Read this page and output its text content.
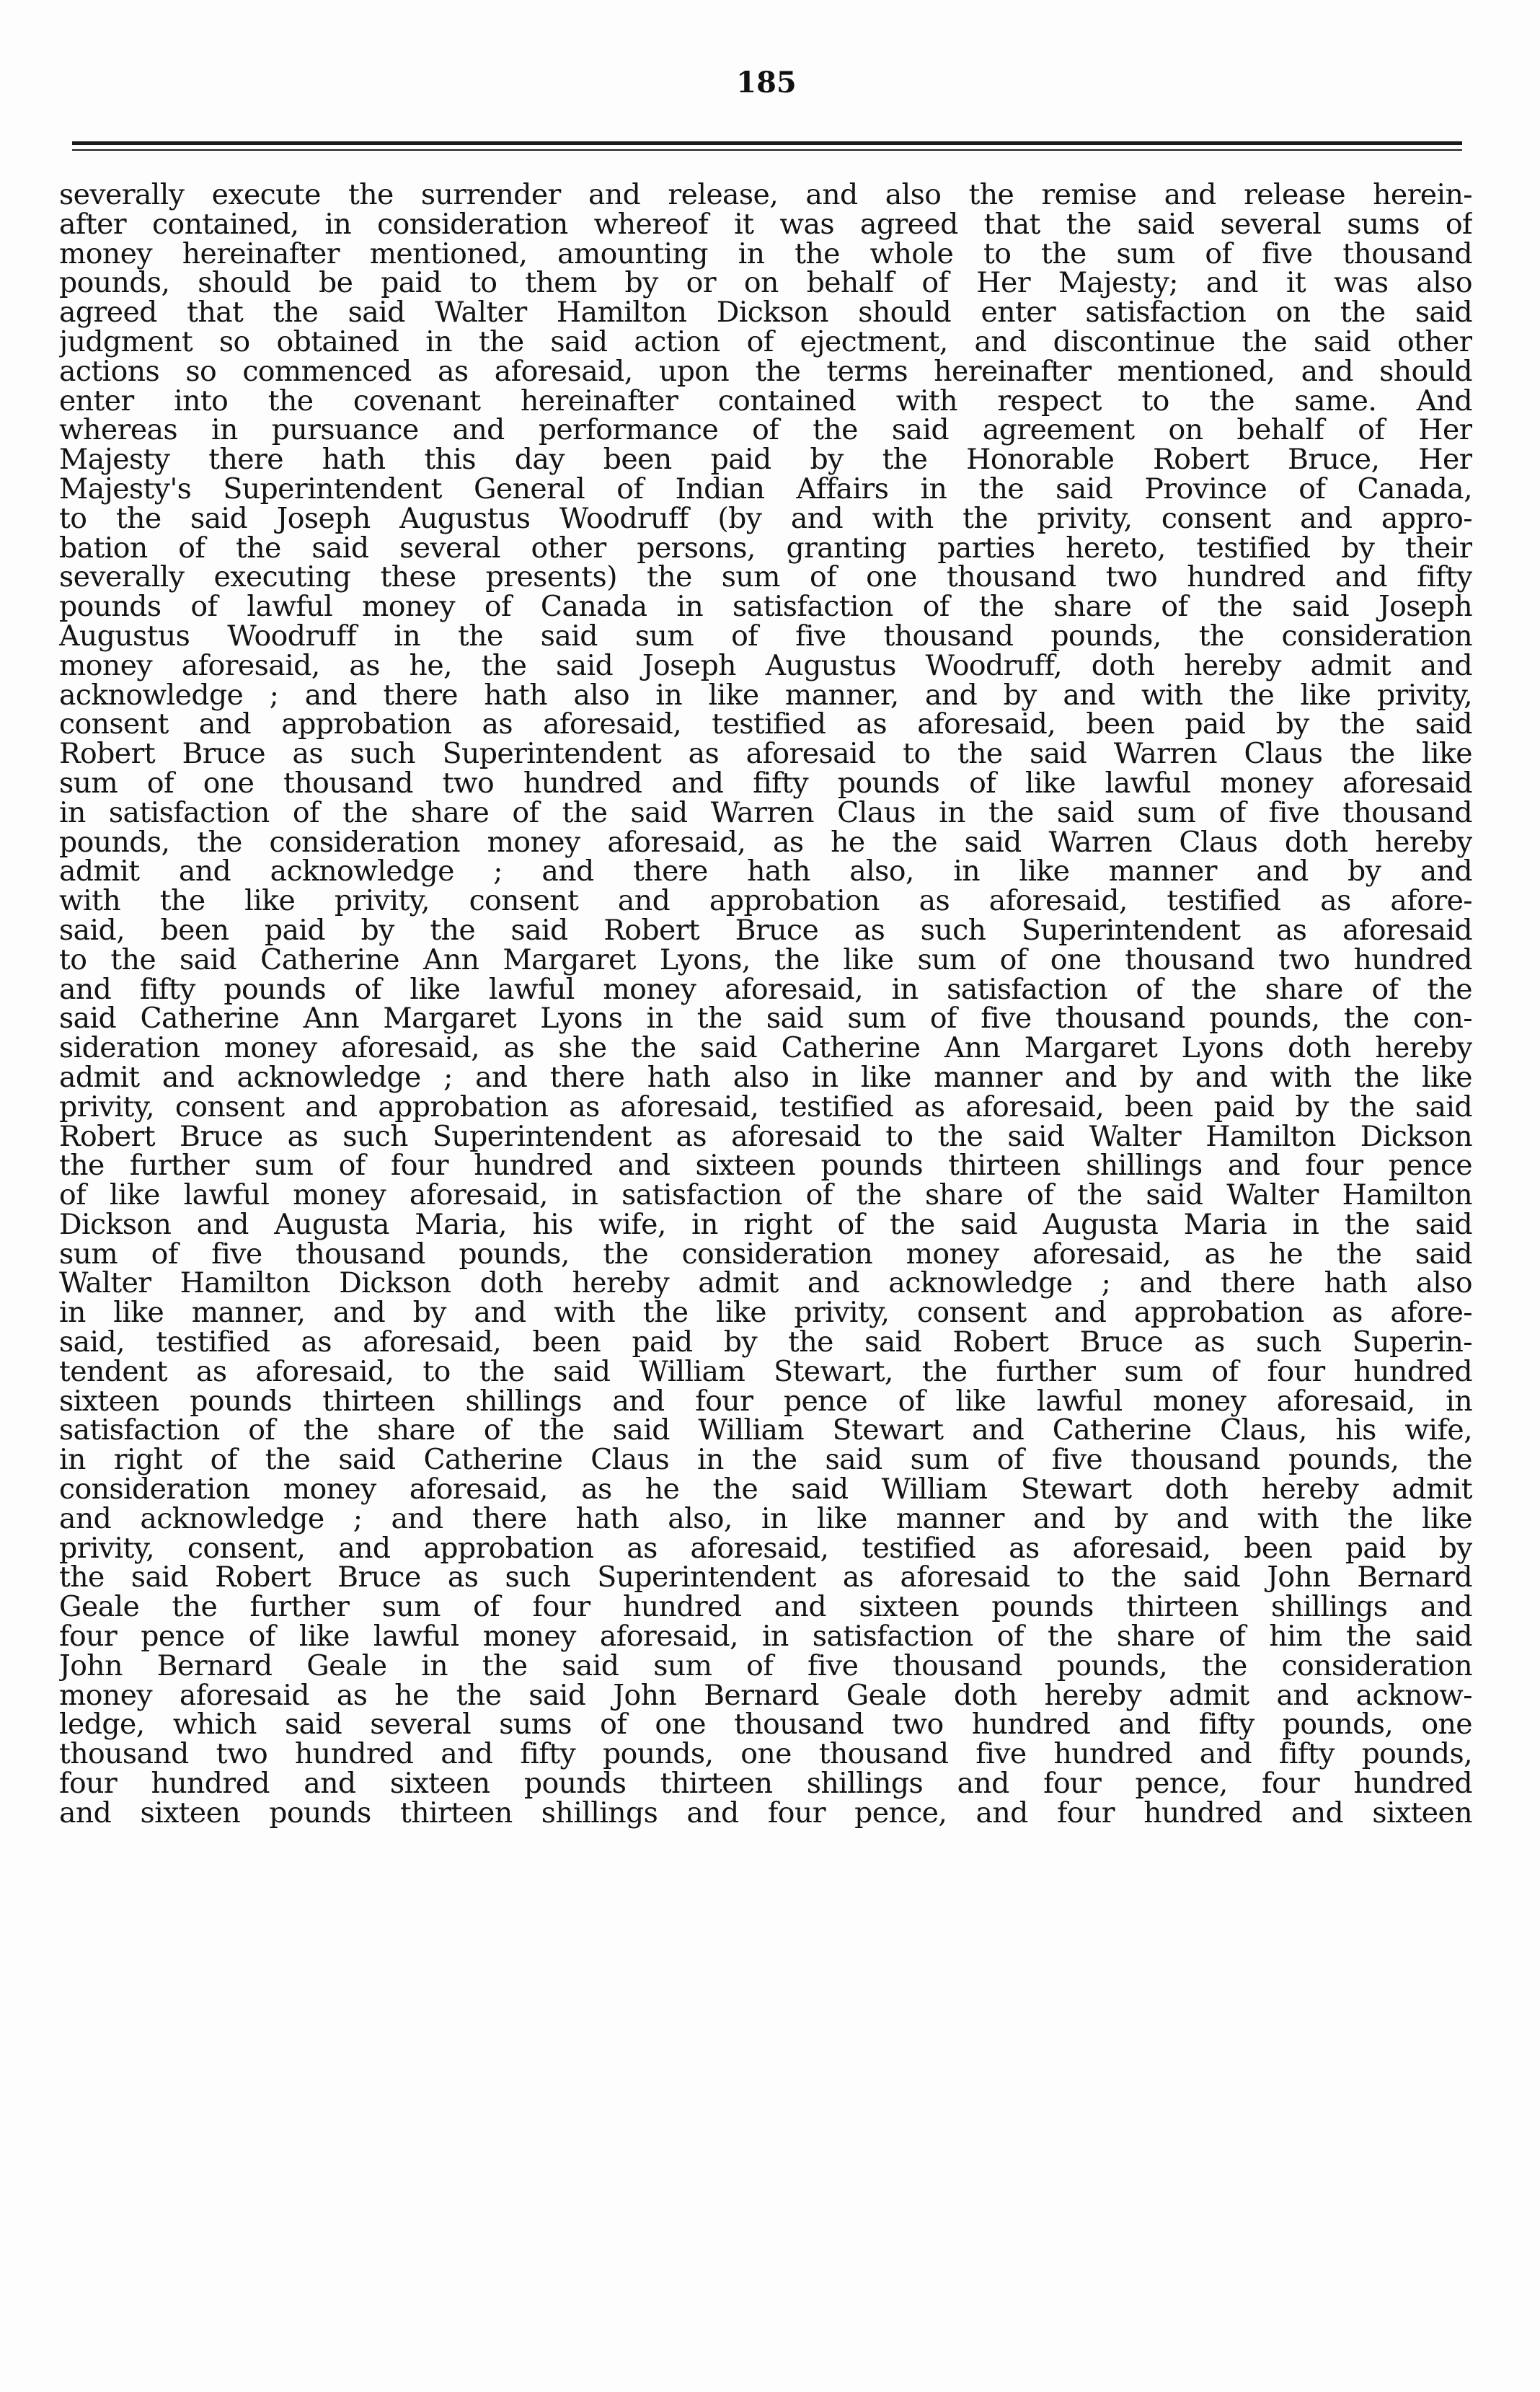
185
severally execute the surrender and release, and also the remise and release herein-
after contained, in consideration whereof it was agreed that the said several sums of
money hereinafter mentioned, amounting in the whole to the sum of five thousand
pounds, should be paid to them by or on behalf of Her Majesty; and it was also
agreed that the said Walter Hamilton Dickson should enter satisfaction on the said
judgment so obtained in the said action of ejectment, and discontinue the said other
actions so commenced as aforesaid, upon the terms hereinafter mentioned, and should
enter into the covenant hereinafter contained with respect to the same. And
whereas in pursuance and performance of the said agreement on behalf of Her
Majesty there hath this day been paid by the Honorable Robert Bruce, Her
Majesty's Superintendent General of Indian Affairs in the said Province of Canada,
to the said Joseph Augustus Woodruff (by and with the privity, consent and appro-
bation of the said several other persons, granting parties hereto, testified by their
severally executing these presents) the sum of one thousand two hundred and fifty
pounds of lawful money of Canada in satisfaction of the share of the said Joseph
Augustus Woodruff in the said sum of five thousand pounds, the consideration
money aforesaid, as he, the said Joseph Augustus Woodruff, doth hereby admit and
acknowledge ; and there hath also in like manner, and by and with the like privity,
consent and approbation as aforesaid, testified as aforesaid, been paid by the said
Robert Bruce as such Superintendent as aforesaid to the said Warren Claus the like
sum of one thousand two hundred and fifty pounds of like lawful money aforesaid
in satisfaction of the share of the said Warren Claus in the said sum of five thousand
pounds, the consideration money aforesaid, as he the said Warren Claus doth hereby
admit and acknowledge ; and there hath also, in like manner and by and
with the like privity, consent and approbation as aforesaid, testified as afore-
said, been paid by the said Robert Bruce as such Superintendent as aforesaid
to the said Catherine Ann Margaret Lyons, the like sum of one thousand two hundred
and fifty pounds of like lawful money aforesaid, in satisfaction of the share of the
said Catherine Ann Margaret Lyons in the said sum of five thousand pounds, the con-
sideration money aforesaid, as she the said Catherine Ann Margaret Lyons doth hereby
admit and acknowledge ; and there hath also in like manner and by and with the like
privity, consent and approbation as aforesaid, testified as aforesaid, been paid by the said
Robert Bruce as such Superintendent as aforesaid to the said Walter Hamilton Dickson
the further sum of four hundred and sixteen pounds thirteen shillings and four pence
of like lawful money aforesaid, in satisfaction of the share of the said Walter Hamilton
Dickson and Augusta Maria, his wife, in right of the said Augusta Maria in the said
sum of five thousand pounds, the consideration money aforesaid, as he the said
Walter Hamilton Dickson doth hereby admit and acknowledge ; and there hath also
in like manner, and by and with the like privity, consent and approbation as afore-
said, testified as aforesaid, been paid by the said Robert Bruce as such Superin-
tendent as aforesaid, to the said William Stewart, the further sum of four hundred
sixteen pounds thirteen shillings and four pence of like lawful money aforesaid, in
satisfaction of the share of the said William Stewart and Catherine Claus, his wife,
in right of the said Catherine Claus in the said sum of five thousand pounds, the
consideration money aforesaid, as he the said William Stewart doth hereby admit
and acknowledge ; and there hath also, in like manner and by and with the like
privity, consent, and approbation as aforesaid, testified as aforesaid, been paid by
the said Robert Bruce as such Superintendent as aforesaid to the said John Bernard
Geale the further sum of four hundred and sixteen pounds thirteen shillings and
four pence of like lawful money aforesaid, in satisfaction of the share of him the said
John Bernard Geale in the said sum of five thousand pounds, the consideration
money aforesaid as he the said John Bernard Geale doth hereby admit and acknow-
ledge, which said several sums of one thousand two hundred and fifty pounds, one
thousand two hundred and fifty pounds, one thousand five hundred and fifty pounds,
four hundred and sixteen pounds thirteen shillings and four pence, four hundred
and sixteen pounds thirteen shillings and four pence, and four hundred and sixteen
